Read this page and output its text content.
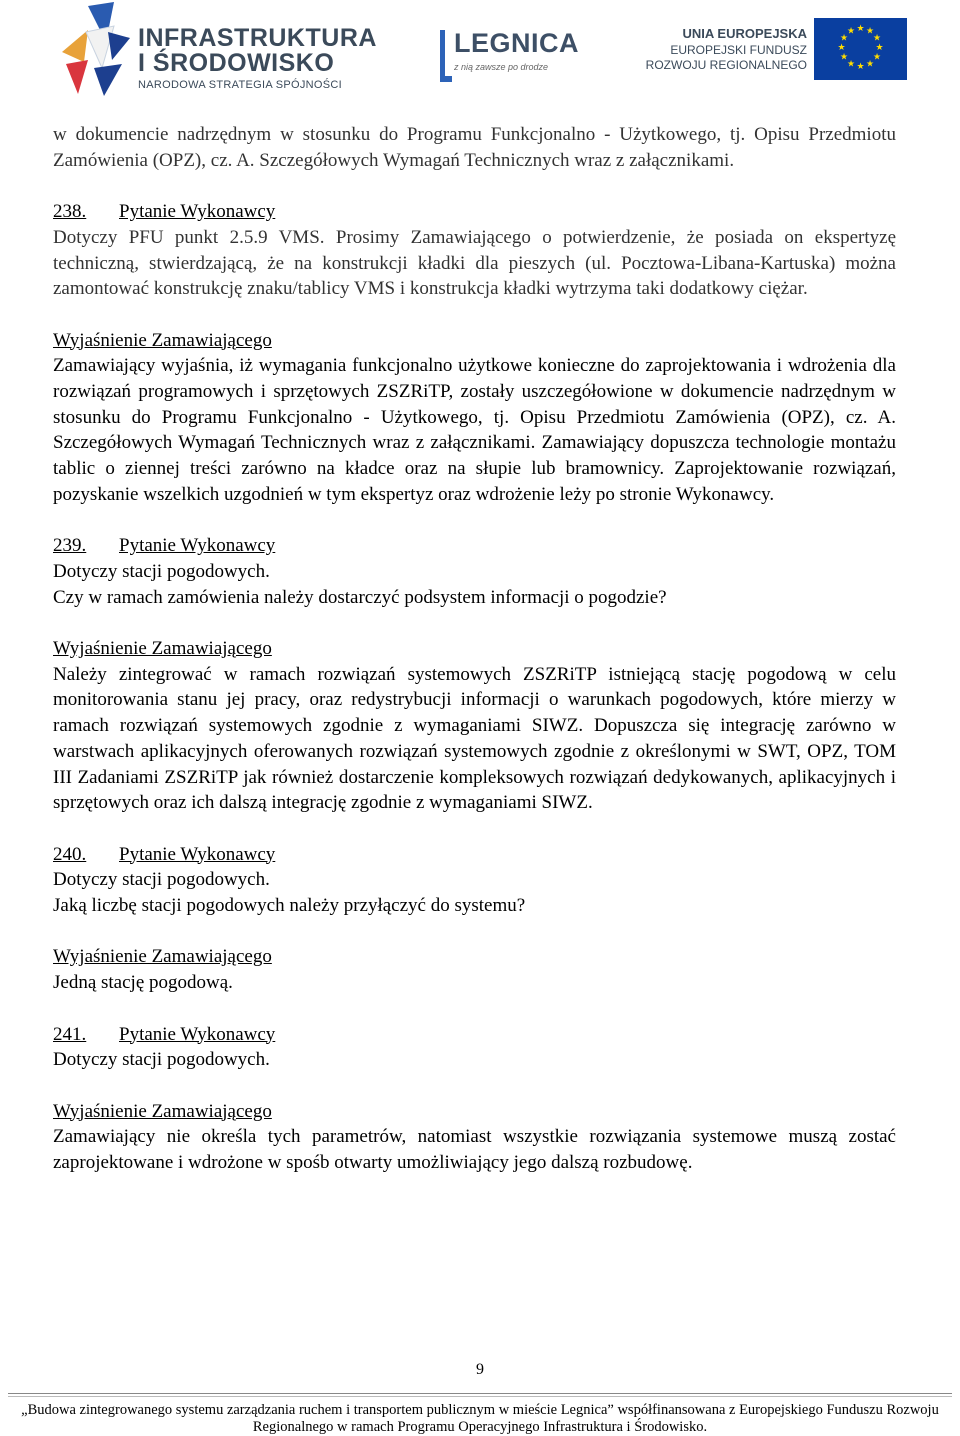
INFRASTRUKTURA
I ŚRODOWISKO
NARODOWA STRATEGIA SPÓJNOŚCI
LEGNICA
z nią zawsze po drodze
UNIA EUROPEJSKA
EUROPEJSKI FUNDUSZ
ROZWOJU REGIONALNEGO
★ ★
★
★
★
★
★
★
★
★
★
★

w dokumencie nadrzędnym w stosunku do Programu Funkcjonalno - Użytkowego, tj. Opisu Przedmiotu Zamówienia (OPZ), cz. A. Szczegółowych Wymagań Technicznych wraz z załącznikami.

238. Pytanie Wykonawcy

Dotyczy PFU punkt 2.5.9 VMS. Prosimy Zamawiającego o potwierdzenie, że posiada on ekspertyzę techniczną, stwierdzającą, że na konstrukcji kładki dla pieszych (ul. Pocztowa-Libana-Kartuska) można zamontować konstrukcję znaku/tablicy VMS i konstrukcja kładki wytrzyma taki dodatkowy ciężar.

Wyjaśnienie Zamawiającego

Zamawiający wyjaśnia, iż wymagania funkcjonalno użytkowe konieczne do zaprojektowania i wdrożenia dla rozwiązań programowych i sprzętowych ZSZRiTP, zostały uszczegółowione w dokumencie nadrzędnym w stosunku do Programu Funkcjonalno - Użytkowego, tj. Opisu Przedmiotu Zamówienia (OPZ), cz. A. Szczegółowych Wymagań Technicznych wraz z załącznikami. Zamawiający dopuszcza technologie montażu tablic o ziennej treści zarówno na kładce oraz na słupie lub bramownicy. Zaprojektowanie rozwiązań, pozyskanie wszelkich uzgodnień w tym ekspertyz oraz wdrożenie leży po stronie Wykonawcy.

239. Pytanie Wykonawcy

Dotyczy stacji pogodowych.

Czy w ramach zamówienia należy dostarczyć podsystem informacji o pogodzie?

Wyjaśnienie Zamawiającego

Należy zintegrować w ramach rozwiązań systemowych ZSZRiTP istniejącą stację pogodową w celu monitorowania stanu jej pracy, oraz redystrybucji informacji o warunkach pogodowych, które mierzy w ramach rozwiązań systemowych zgodnie z wymaganiami SIWZ. Dopuszcza się integrację zarówno w warstwach aplikacyjnych oferowanych rozwiązań systemowych zgodnie z określonymi w SWT, OPZ, TOM III Zadaniami ZSZRiTP jak również dostarczenie kompleksowych rozwiązań dedykowanych, aplikacyjnych i sprzętowych oraz ich dalszą integrację zgodnie z wymaganiami SIWZ.

240. Pytanie Wykonawcy

Dotyczy stacji pogodowych.

Jaką liczbę stacji pogodowych należy przyłączyć do systemu?

Wyjaśnienie Zamawiającego

Jedną stację pogodową.

241. Pytanie Wykonawcy

Dotyczy stacji pogodowych.

Wyjaśnienie Zamawiającego

Zamawiający nie określa tych parametrów, natomiast wszystkie rozwiązania systemowe muszą zostać zaprojektowane i wdrożone w spośb otwarty umożliwiający jego dalszą rozbudowę.

9
„Budowa zintegrowanego systemu zarządzania ruchem i transportem publicznym w mieście Legnica” współfinansowana z Europejskiego Funduszu Rozwoju Regionalnego w ramach Programu Operacyjnego Infrastruktura i Środowisko.
